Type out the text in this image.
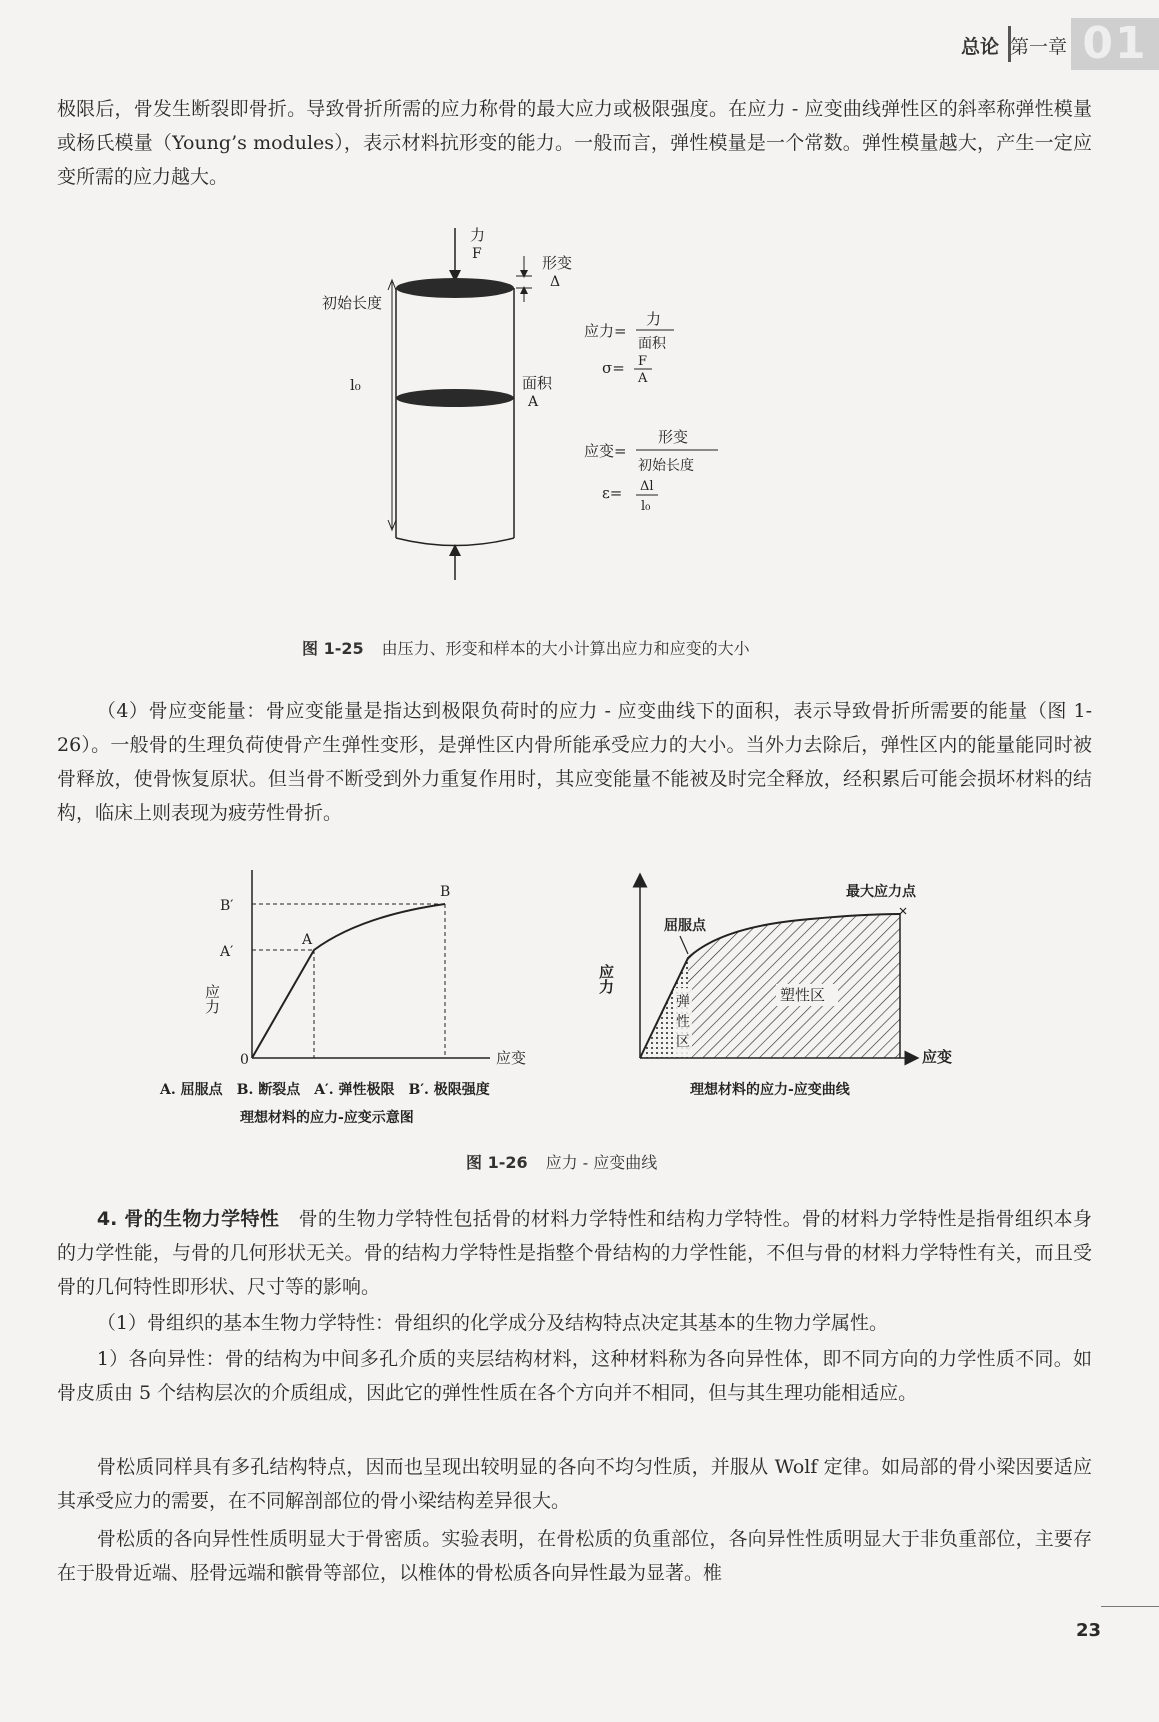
总论 第一章 01

极限后，骨发生断裂即骨折。导致骨折所需的应力称骨的最大应力或极限强度。在应力 - 应变曲线弹性区的斜率称弹性模量或杨氏模量（Young’s modules），表示材料抗形变的能力。一般而言，弹性模量是一个常数。弹性模量越大，产生一定应变所需的应力越大。

力
F
初始长度
l₀
形变
Δ
面积
A
应力=
力
面积
σ= F
A
应变=
形变
初始长度
ε= Δl
l₀
图 1-25 由压力、形变和样本的大小计算出应力和应变的大小

（4）骨应变能量：骨应变能量是指达到极限负荷时的应力 - 应变曲线下的面积，表示导致骨折所需要的能量（图 1-26）。一般骨的生理负荷使骨产生弹性变形，是弹性区内骨所能承受应力的大小。当外力去除后，弹性区内的能量能同时被骨释放，使骨恢复原状。但当骨不断受到外力重复作用时，其应变能量不能被及时完全释放，经积累后可能会损坏材料的结构，临床上则表现为疲劳性骨折。

0	应变
应力
A
B
A′
B′
A. 屈服点　B. 断裂点　A′. 弹性极限　B′. 极限强度
理想材料的应力-应变示意图
应变
应力
最大应力点
屈服点
弹
性
区
塑性区
理想材料的应力-应变曲线
图 1-26 应力 - 应变曲线

4. 骨的生物力学特性　 骨的生物力学特性包括骨的材料力学特性和结构力学特性。骨的材料力学特性是指骨组织本身的力学性能，与骨的几何形状无关。骨的结构力学特性是指整个骨结构的力学性能，不但与骨的材料力学特性有关，而且受骨的几何特性即形状、尺寸等的影响。

（1）骨组织的基本生物力学特性：骨组织的化学成分及结构特点决定其基本的生物力学属性。

1）各向异性：骨的结构为中间多孔介质的夹层结构材料，这种材料称为各向异性体，即不同方向的力学性质不同。如骨皮质由 5 个结构层次的介质组成，因此它的弹性性质在各个方向并不相同，但与其生理功能相适应。

骨松质同样具有多孔结构特点，因而也呈现出较明显的各向不均匀性质，并服从 Wolf 定律。如局部的骨小梁因要适应其承受应力的需要，在不同解剖部位的骨小梁结构差异很大。

骨松质的各向异性性质明显大于骨密质。实验表明，在骨松质的负重部位，各向异性性质明显大于非负重部位，主要存在于股骨近端、胫骨远端和髌骨等部位，以椎体的骨松质各向异性最为显著。椎

23
